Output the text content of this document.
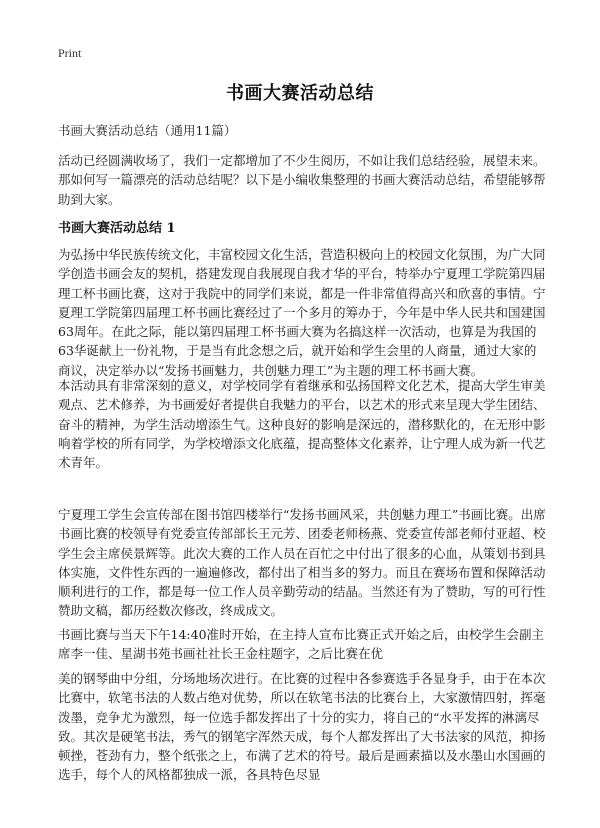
Print
书画大赛活动总结
书画大赛活动总结（通用11篇）

活动已经圆满收场了，我们一定都增加了不少生阅历，不如让我们总结经验，展望未来。那如何写一篇漂亮的活动总结呢？以下是小编收集整理的书画大赛活动总结，希望能够帮助到大家。

书画大赛活动总结 1

为弘扬中华民族传统文化，丰富校园文化生活，营造积极向上的校园文化氛围，为广大同学创造书画会友的契机，搭建发现自我展现自我才华的平台，特举办宁夏理工学院第四届理工杯书画比赛，这对于我院中的同学们来说，都是一件非常值得高兴和欣喜的事情。宁夏理工学院第四届理工杯书画比赛经过了一个多月的筹办于，今年是中华人民共和国建国63周年。在此之际，能以第四届理工杯书画大赛为名搞这样一次活动，也算是为我国的63华诞献上一份礼物，于是当有此念想之后，就开始和学生会里的人商量，通过大家的商议，决定举办以“发扬书画魅力，共创魅力理工”为主题的理工杯书画大赛。

本活动具有非常深刻的意义，对学校同学有着继承和弘扬国粹文化艺术，提高大学生审美观点、艺术修养，为书画爱好者提供自我魅力的平台，以艺术的形式来呈现大学生团结、奋斗的精神，为学生活动增添生气。这种良好的影响是深远的，潜移默化的，在无形中影响着学校的所有同学，为学校增添文化底蕴，提高整体文化素养，让宁理人成为新一代艺术青年。

宁夏理工学生会宣传部在图书馆四楼举行“发扬书画风采，共创魅力理工”书画比赛。出席书画比赛的校领导有党委宣传部部长王元芳、团委老师杨燕、党委宣传部老师付亚超、校学生会主席侯景辉等。此次大赛的工作人员在百忙之中付出了很多的心血，从策划书到具体实施，文件性东西的一遍遍修改，都付出了相当多的努力。而且在赛场布置和保障活动顺利进行的工作，都是每一位工作人员辛勤劳动的结晶。当然还有为了赞助，写的可行性赞助文稿，都历经数次修改，终成成文。

书画比赛与当天下午14:40准时开始，在主持人宣布比赛正式开始之后，由校学生会副主席李一佳、星湖书苑书画社社长王金柱题字，之后比赛在优

美的钢琴曲中分组，分场地场次进行。在比赛的过程中各参赛选手各显身手，由于在本次比赛中，软笔书法的人数占绝对优势，所以在软笔书法的比赛台上，大家激情四射，挥毫泼墨，竞争尤为激烈，每一位选手都发挥出了十分的实力，将自己的“水平发挥的淋漓尽致。其次是硬笔书法，秀气的钢笔字浑然天成，每个人都发挥出了大书法家的风范，抑扬顿挫，苍劲有力，整个纸张之上，布满了艺术的符号。最后是画素描以及水墨山水国画的选手，每个人的风格都独成一派，各具特色尽显
